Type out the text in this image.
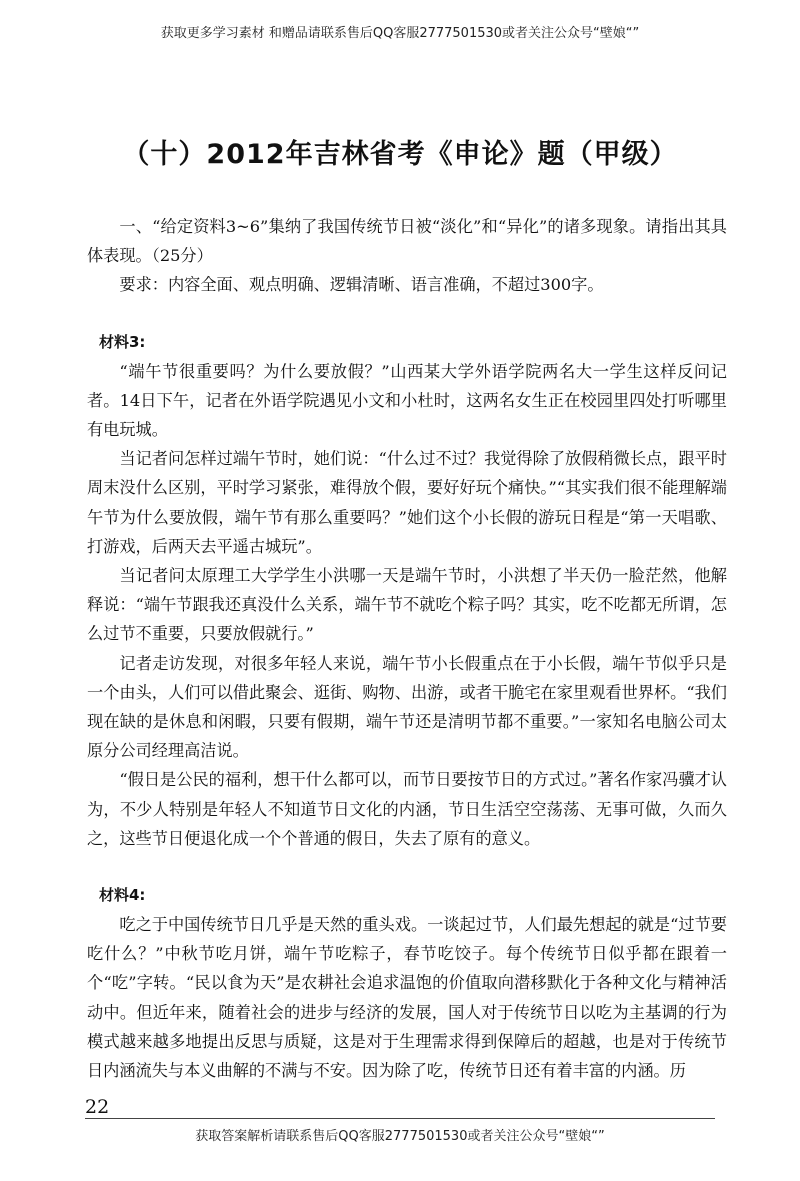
获取更多学习素材 和赠品请联系售后QQ客服2777501530或者关注公众号“壁娘“”
（十）2012年吉林省考《申论》题（甲级）

一、“给定资料3~6”集纳了我国传统节日被“淡化”和“异化”的诸多现象。请指出其具体表现。（25分）

要求：内容全面、观点明确、逻辑清晰、语言准确，不超过300字。

材料3:

“端午节很重要吗？为什么要放假？”山西某大学外语学院两名大一学生这样反问记者。14日下午，记者在外语学院遇见小文和小杜时，这两名女生正在校园里四处打听哪里有电玩城。

当记者问怎样过端午节时，她们说：“什么过不过？我觉得除了放假稍微长点，跟平时周末没什么区别，平时学习紧张，难得放个假，要好好玩个痛快。”“其实我们很不能理解端午节为什么要放假，端午节有那么重要吗？”她们这个小长假的游玩日程是“第一天唱歌、打游戏，后两天去平遥古城玩”。

当记者问太原理工大学学生小洪哪一天是端午节时，小洪想了半天仍一脸茫然，他解释说：“端午节跟我还真没什么关系，端午节不就吃个粽子吗？其实，吃不吃都无所谓，怎么过节不重要，只要放假就行。”

记者走访发现，对很多年轻人来说，端午节小长假重点在于小长假，端午节似乎只是一个由头，人们可以借此聚会、逛街、购物、出游，或者干脆宅在家里观看世界杯。“我们现在缺的是休息和闲暇，只要有假期，端午节还是清明节都不重要。”一家知名电脑公司太原分公司经理高洁说。

“假日是公民的福利，想干什么都可以，而节日要按节日的方式过。”著名作家冯骥才认为，不少人特别是年轻人不知道节日文化的内涵，节日生活空空荡荡、无事可做，久而久之，这些节日便退化成一个个普通的假日，失去了原有的意义。

材料4:

吃之于中国传统节日几乎是天然的重头戏。一谈起过节，人们最先想起的就是“过节要吃什么？”中秋节吃月饼，端午节吃粽子，春节吃饺子。每个传统节日似乎都在跟着一个“吃”字转。“民以食为天”是农耕社会追求温饱的价值取向潜移默化于各种文化与精神活动中。但近年来，随着社会的进步与经济的发展，国人对于传统节日以吃为主基调的行为模式越来越多地提出反思与质疑，这是对于生理需求得到保障后的超越，也是对于传统节日内涵流失与本义曲解的不满与不安。因为除了吃，传统节日还有着丰富的内涵。历

22
获取答案解析请联系售后QQ客服2777501530或者关注公众号“壁娘“”
